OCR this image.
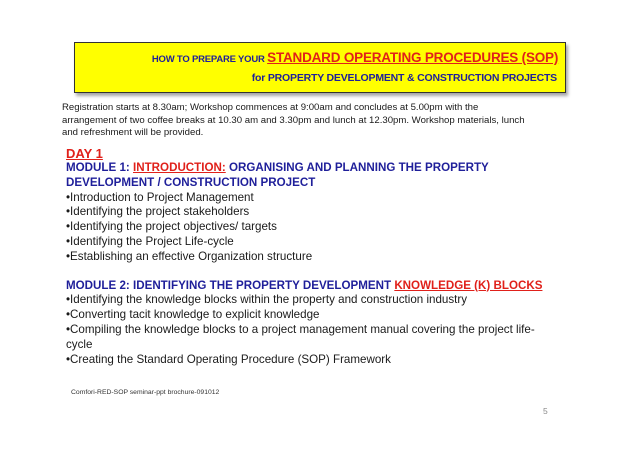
HOW TO PREPARE YOUR STANDARD OPERATING PROCEDURES (SOP)
for PROPERTY DEVELOPMENT & CONSTRUCTION PROJECTS
Registration starts at 8.30am; Workshop commences at 9:00am and concludes at 5.00pm with the arrangement of two coffee breaks at 10.30 am and 3.30pm and lunch at 12.30pm. Workshop materials, lunch and refreshment will be provided.
DAY 1
MODULE 1: INTRODUCTION: ORGANISING AND PLANNING THE PROPERTY DEVELOPMENT / CONSTRUCTION PROJECT
•Introduction to Project Management
•Identifying the project stakeholders
•Identifying the project objectives/ targets
•Identifying the Project Life-cycle
•Establishing an effective Organization structure
MODULE 2: IDENTIFYING THE PROPERTY DEVELOPMENT KNOWLEDGE (K) BLOCKS
•Identifying the knowledge blocks within the property and construction industry
•Converting tacit knowledge to explicit knowledge
•Compiling the knowledge blocks to a project management manual covering the project life-cycle
•Creating the Standard Operating Procedure (SOP) Framework
Comfori-RED-SOP seminar-ppt brochure-091012
5
